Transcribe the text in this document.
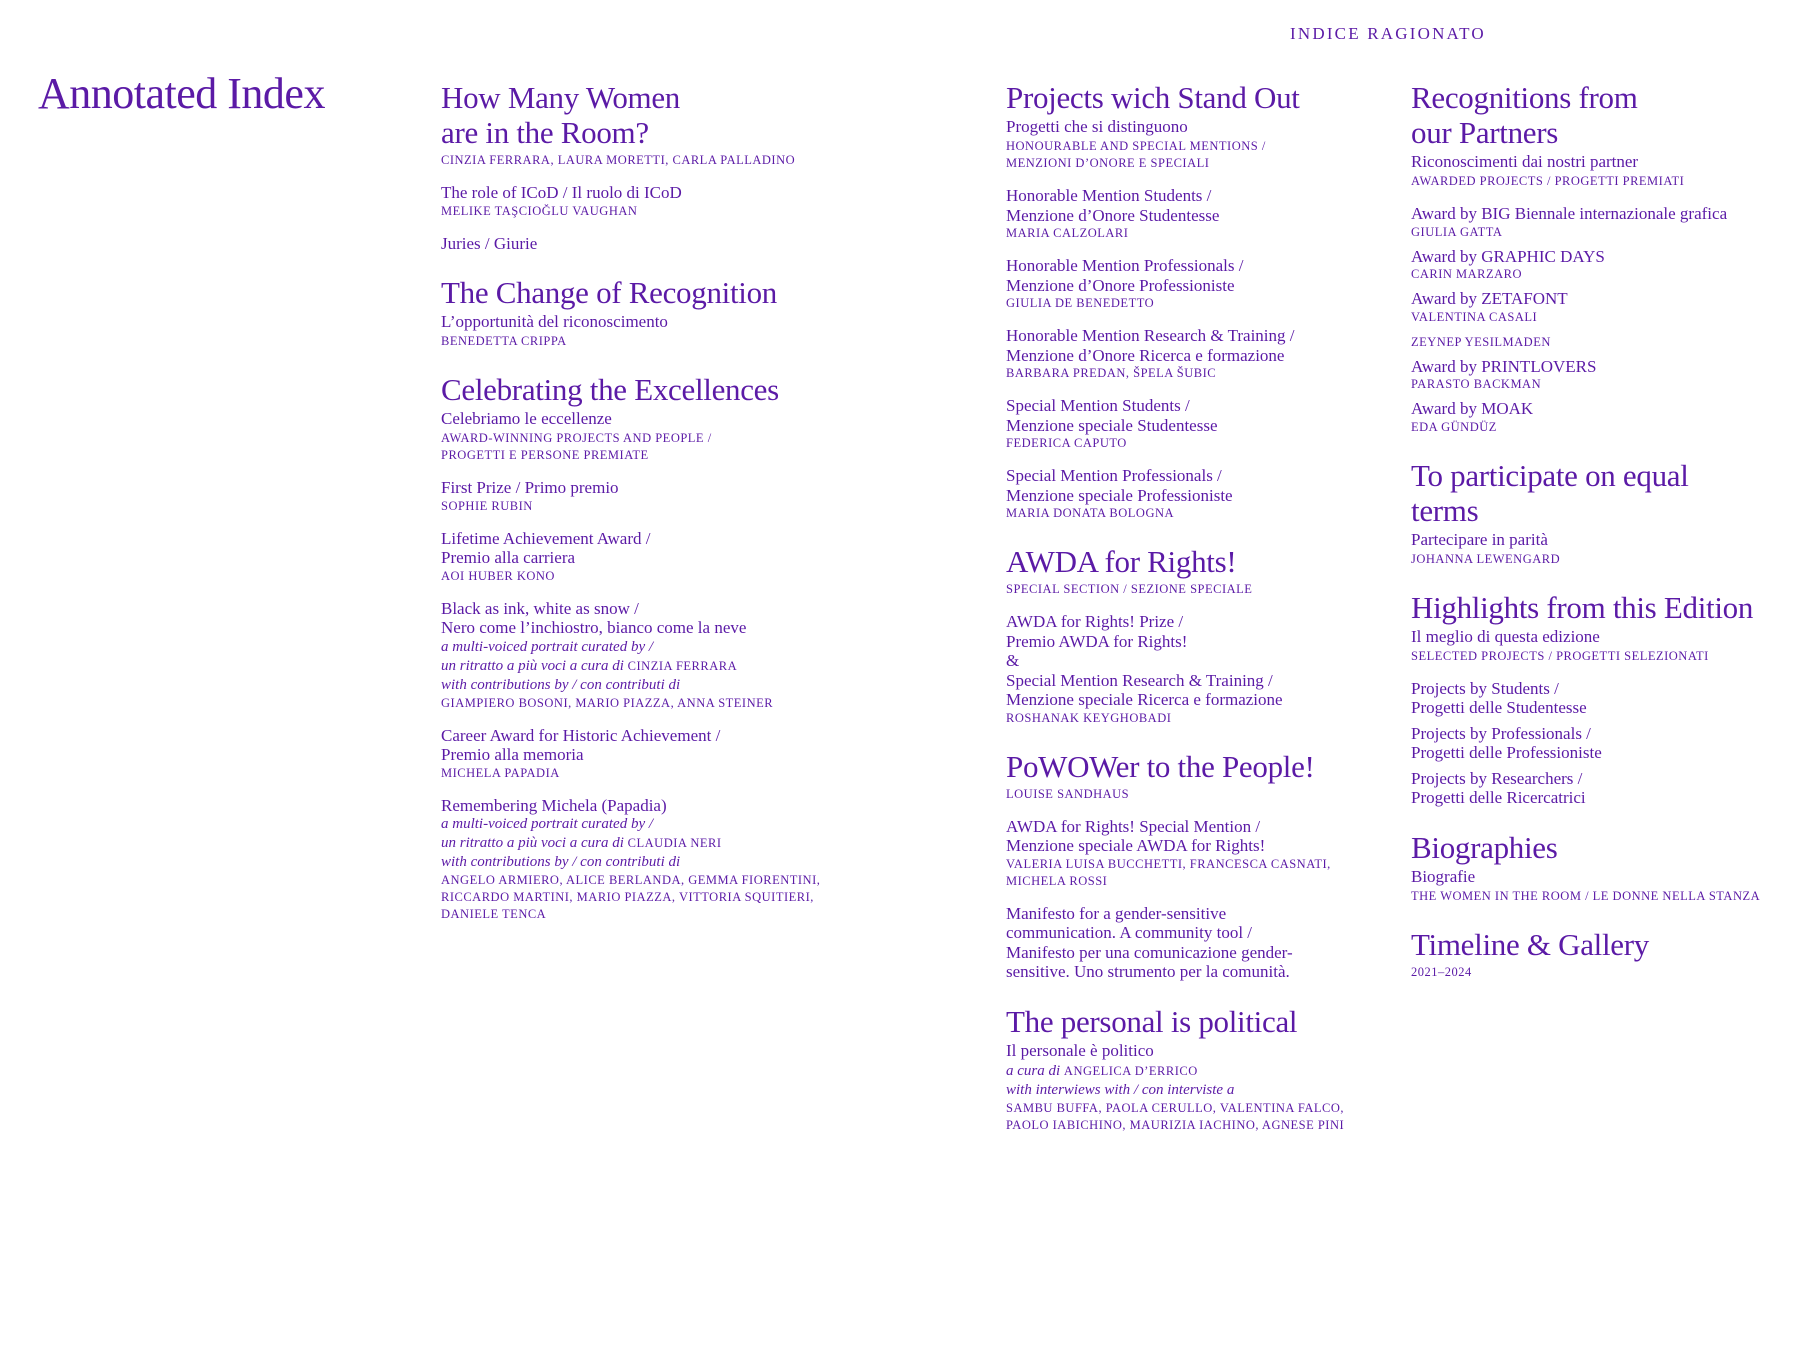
INDICE RAGIONATO
Annotated Index	How Many Women
are in the Room?
CINZIA FERRARA, LAURA MORETTI, CARLA PALLADINO
The role of ICoD / Il ruolo di ICoD
MELIKE TAŞCIOĞLU VAUGHAN
Juries / Giurie
The Change of Recognition
L’opportunità del riconoscimento
BENEDETTA CRIPPA
Celebrating the Excellences
Celebriamo le eccellenze
AWARD-WINNING PROJECTS AND PEOPLE /
PROGETTI E PERSONE PREMIATE
First Prize / Primo premio
SOPHIE RUBIN
Lifetime Achievement Award /
Premio alla carriera
AOI HUBER KONO
Black as ink, white as snow /
Nero come l’inchiostro, bianco come la neve
a multi-voiced portrait curated by /
un ritratto a più voci a cura di CINZIA FERRARA
with contributions by / con contributi di
GIAMPIERO BOSONI, MARIO PIAZZA, ANNA STEINER
Career Award for Historic Achievement /
Premio alla memoria
MICHELA PAPADIA
Remembering Michela (Papadia)
a multi-voiced portrait curated by /
un ritratto a più voci a cura di CLAUDIA NERI
with contributions by / con contributi di
ANGELO ARMIERO, ALICE BERLANDA, GEMMA FIORENTINI,
RICCARDO MARTINI, MARIO PIAZZA, VITTORIA SQUITIERI,
DANIELE TENCA
Projects wich Stand Out
Progetti che si distinguono
HONOURABLE AND SPECIAL MENTIONS /
MENZIONI D’ONORE E SPECIALI
Honorable Mention Students /
Menzione d’Onore Studentesse
MARIA CALZOLARI
Honorable Mention Professionals /
Menzione d’Onore Professioniste
GIULIA DE BENEDETTO
Honorable Mention Research & Training /
Menzione d’Onore Ricerca e formazione
BARBARA PREDAN, ŠPELA ŠUBIC
Special Mention Students /
Menzione speciale Studentesse
FEDERICA CAPUTO
Special Mention Professionals /
Menzione speciale Professioniste
MARIA DONATA BOLOGNA
AWDA for Rights!
SPECIAL SECTION / SEZIONE SPECIALE
AWDA for Rights! Prize /
Premio AWDA for Rights!
&
Special Mention Research & Training /
Menzione speciale Ricerca e formazione
ROSHANAK KEYGHOBADI
PoWOWer to the People!
LOUISE SANDHAUS
AWDA for Rights! Special Mention /
Menzione speciale AWDA for Rights!
VALERIA LUISA BUCCHETTI, FRANCESCA CASNATI,
MICHELA ROSSI
Manifesto for a gender-sensitive
communication. A community tool /
Manifesto per una comunicazione gender-
sensitive. Uno strumento per la comunità.
The personal is political
Il personale è politico
a cura di ANGELICA D’ERRICO
with interwiews with / con interviste a
SAMBU BUFFA, PAOLA CERULLO, VALENTINA FALCO,
PAOLO IABICHINO, MAURIZIA IACHINO, AGNESE PINI
Recognitions from
our Partners
Riconoscimenti dai nostri partner
AWARDED PROJECTS / PROGETTI PREMIATI
Award by BIG Biennale internazionale grafica
GIULIA GATTA
Award by GRAPHIC DAYS
CARIN MARZARO
Award by ZETAFONT
VALENTINA CASALI
ZEYNEP YESILMADEN
Award by PRINTLOVERS
PARASTO BACKMAN
Award by MOAK
EDA GÜNDÜZ
To participate on equal
terms
Partecipare in parità
JOHANNA LEWENGARD
Highlights from this Edition
Il meglio di questa edizione
SELECTED PROJECTS / PROGETTI SELEZIONATI
Projects by Students /
Progetti delle Studentesse
Projects by Professionals /
Progetti delle Professioniste
Projects by Researchers /
Progetti delle Ricercatrici
Biographies
Biografie
THE WOMEN IN THE ROOM / LE DONNE NELLA STANZA
Timeline & Gallery
2021–2024
